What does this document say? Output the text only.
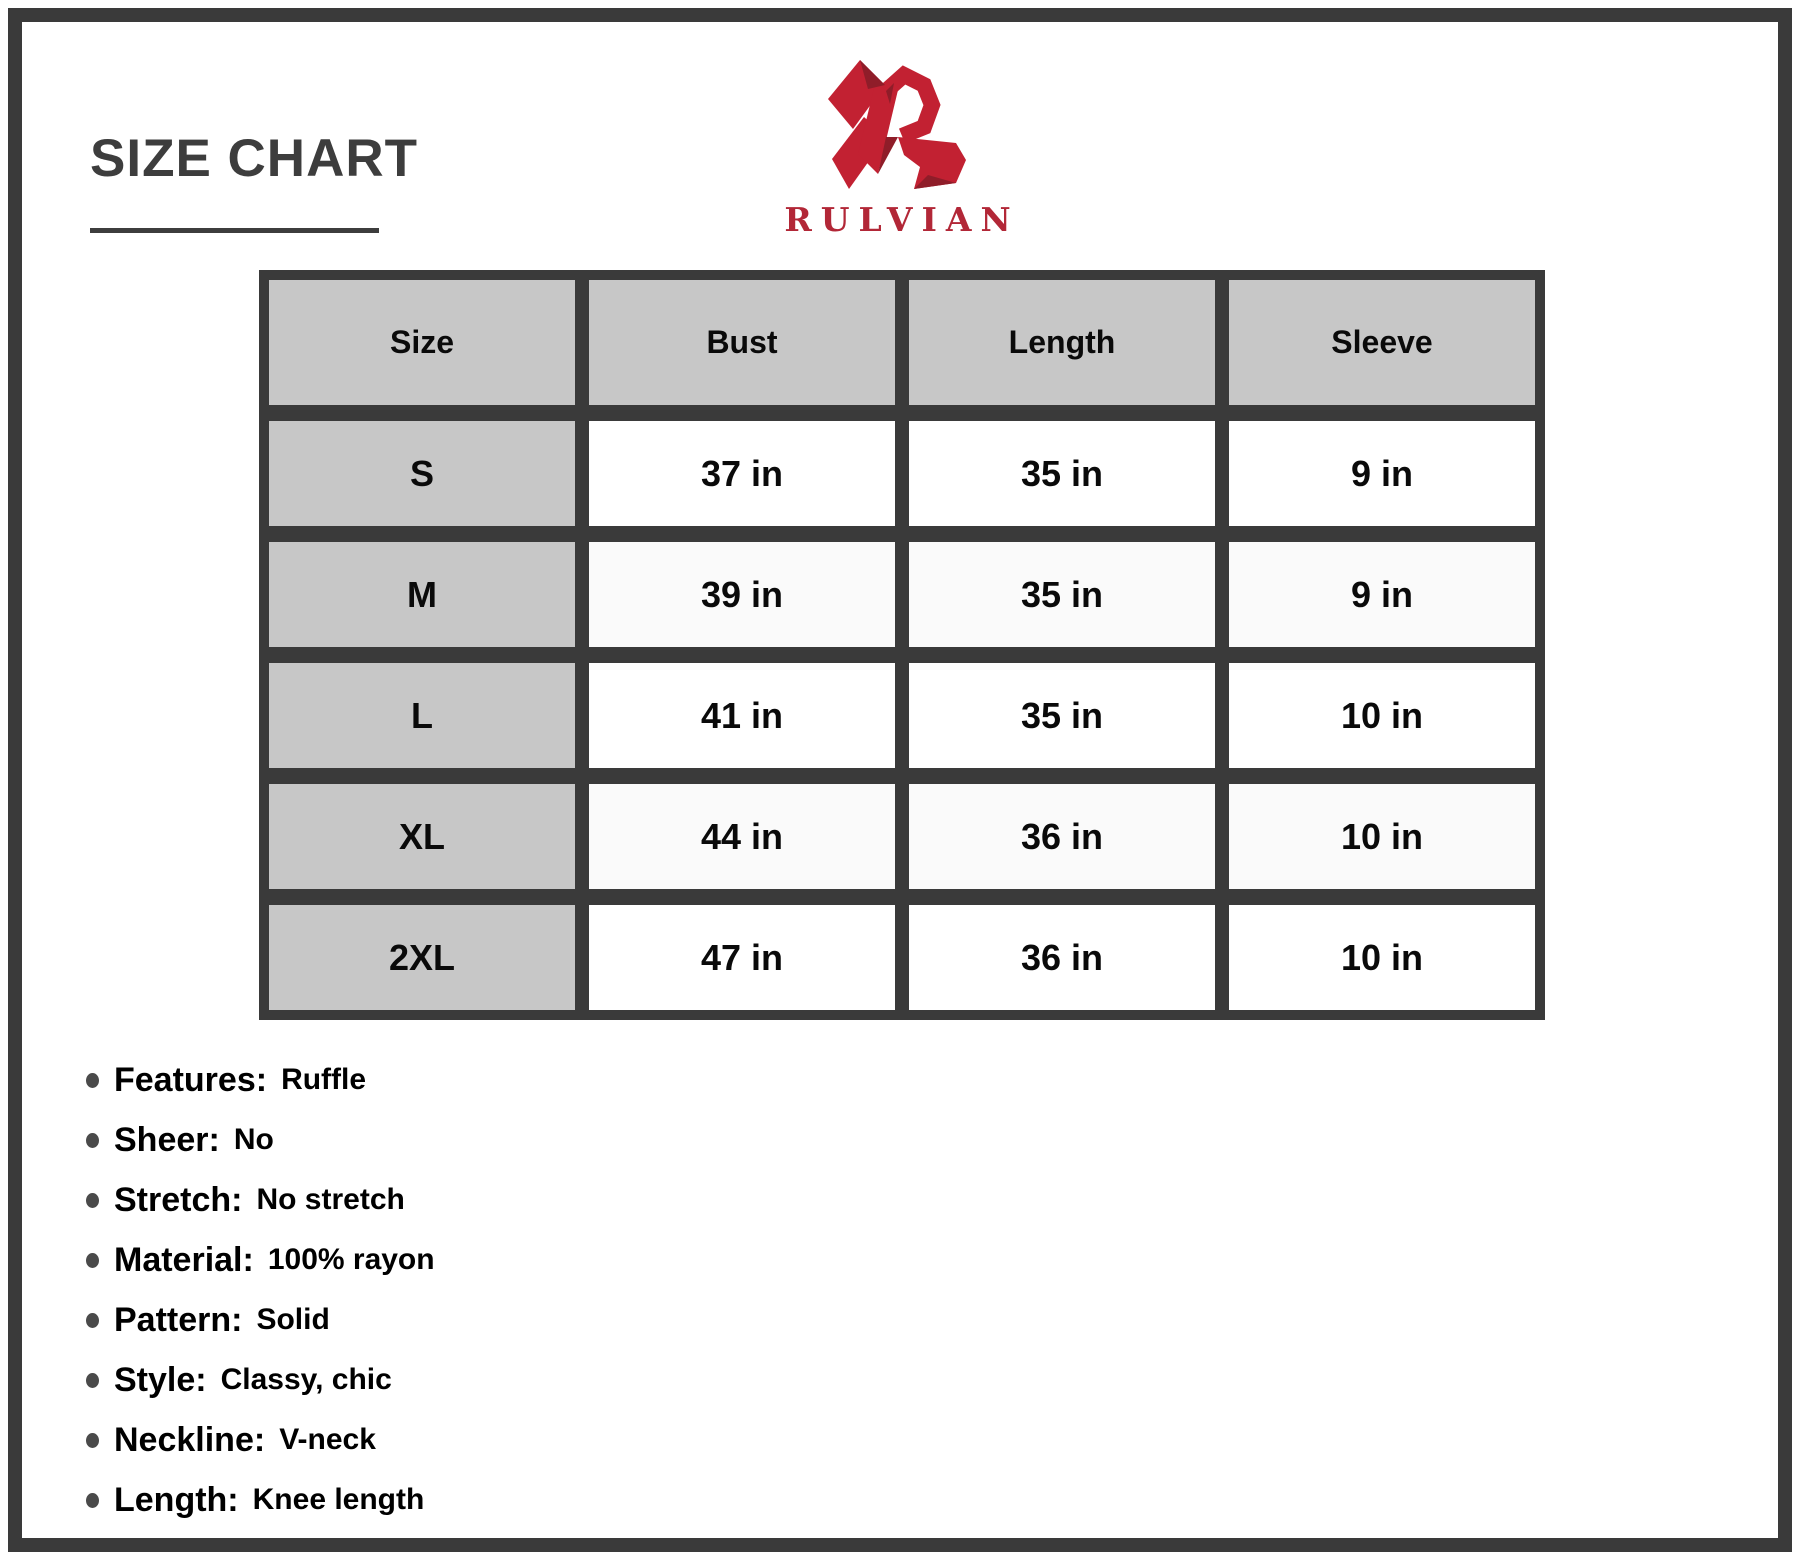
SIZE CHART
RULVIAN
Size	Bust	Length	Sleeve
S	37 in	35 in	9 in
M	39 in	35 in	9 in
L	41 in	35 in	10 in
XL	44 in	36 in	10 in
2XL	47 in	36 in	10 in
Features: Ruffle
Sheer: No
Stretch: No stretch
Material: 100% rayon
Pattern: Solid
Style: Classy, chic
Neckline: V-neck
Length: Knee length
